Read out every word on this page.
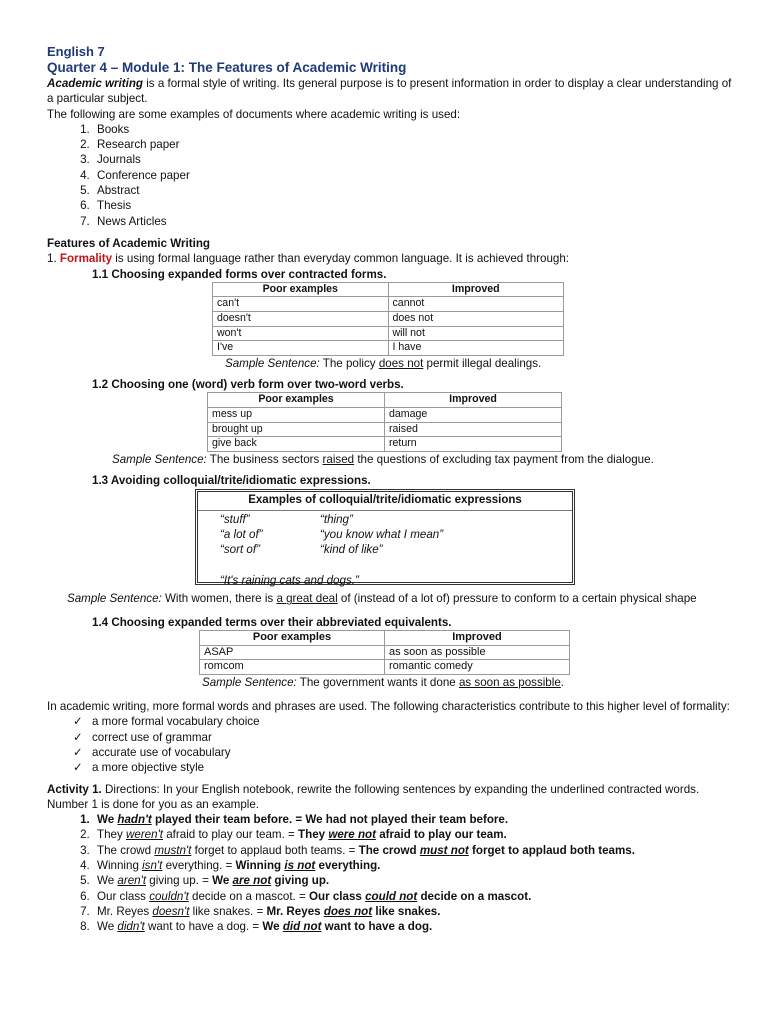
English 7
Quarter 4 – Module 1: The Features of Academic Writing
Academic writing is a formal style of writing. Its general purpose is to present information in order to display a clear understanding of a particular subject.
The following are some examples of documents where academic writing is used:
1. Books
2. Research paper
3. Journals
4. Conference paper
5. Abstract
6. Thesis
7. News Articles
Features of Academic Writing
1. Formality is using formal language rather than everyday common language. It is achieved through:
1.1 Choosing expanded forms over contracted forms.
Poor examples	Improved
can't	cannot
doesn't	does not
won't	will not
I've	I have
Sample Sentence: The policy does not permit illegal dealings.
1.2 Choosing one (word) verb form over two-word verbs.
Poor examples	Improved
mess up	damage
brought up	raised
give back	return
Sample Sentence: The business sectors raised the questions of excluding tax payment from the dialogue.
1.3 Avoiding colloquial/trite/idiomatic expressions.
Examples of colloquial/trite/idiomatic expressions
“stuff”	“thing”
“a lot of”	“you know what I mean”
“sort of”	“kind of like”
“It's raining cats and dogs.”
Sample Sentence: With women, there is a great deal of (instead of a lot of) pressure to conform to a certain physical shape
1.4 Choosing expanded terms over their abbreviated equivalents.
Poor examples	Improved
ASAP	as soon as possible
romcom	romantic comedy
Sample Sentence: The government wants it done as soon as possible.
In academic writing, more formal words and phrases are used. The following characteristics contribute to this higher level of formality:
✓ a more formal vocabulary choice
✓ correct use of grammar
✓ accurate use of vocabulary
✓ a more objective style
Activity 1. Directions: In your English notebook, rewrite the following sentences by expanding the underlined contracted words. Number 1 is done for you as an example.
1. We hadn't played their team before. = We had not played their team before.
2. They weren't afraid to play our team. = They were not afraid to play our team.
3. The crowd mustn't forget to applaud both teams. = The crowd must not forget to applaud both teams.
4. Winning isn't everything. = Winning is not everything.
5. We aren't giving up. = We are not giving up.
6. Our class couldn't decide on a mascot. = Our class could not decide on a mascot.
7. Mr. Reyes doesn't like snakes. = Mr. Reyes does not like snakes.
8. We didn't want to have a dog. = We did not want to have a dog.
